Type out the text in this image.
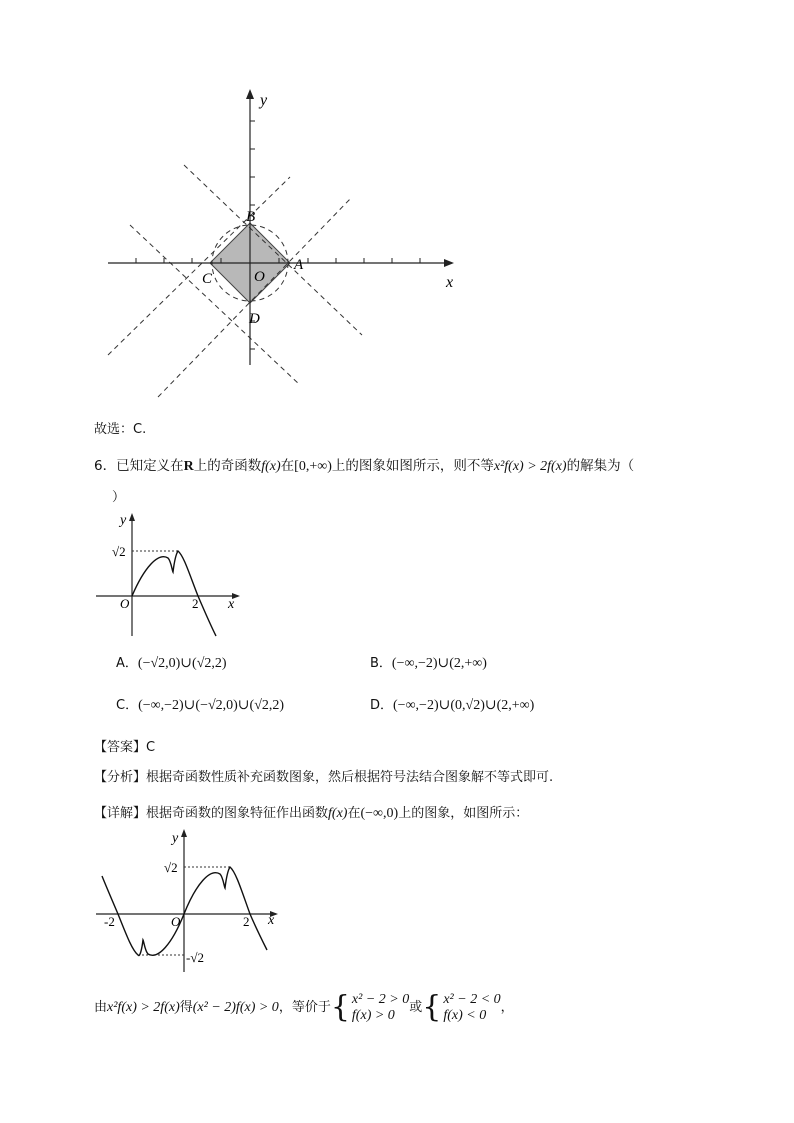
y
x
B
C	O
A
D
故选：C.
6．已知定义在R上的奇函数f(x)在[0,+∞)上的图象如图所示，则不等x²f(x) > 2f(x)的解集为（
）
y
√2
O	2 x
A．(−√2,0)∪(√2,2)	B．(−∞,−2)∪(2,+∞)
C．(−∞,−2)∪(−√2,0)∪(√2,2)	D．(−∞,−2)∪(0,√2)∪(2,+∞)
【答案】C
【分析】根据奇函数性质补充函数图象，然后根据符号法结合图象解不等式即可.
【详解】根据奇函数的图象特征作出函数f(x)在(−∞,0)上的图象，如图所示：
y
√2
O	2
-2
-√2
x
由x²f(x) > 2f(x)得(x² − 2)f(x) > 0，等价于{ x² − 2 > 0
f(x) > 0 或{ x² − 2 < 0
f(x) < 0 ，
